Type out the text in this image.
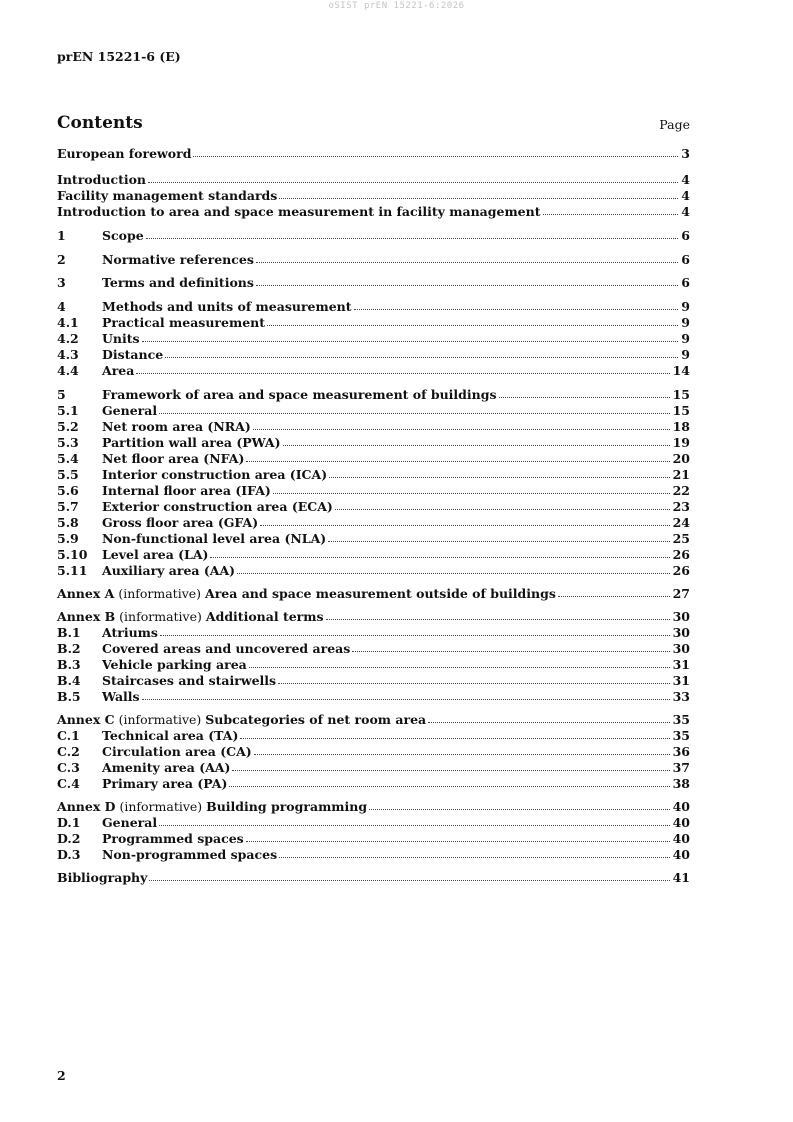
oSIST prEN 15221-6:2026
prEN 15221-6 (E)
Contents	Page
European foreword	3
Introduction	4
Facility management standards	4
Introduction to area and space measurement in facility management	4
1	Scope	6
2	Normative references	6
3	Terms and definitions	6
4	Methods and units of measurement	9
4.1	Practical measurement	9
4.2	Units	9
4.3	Distance	9
4.4	Area	14
5	Framework of area and space measurement of buildings	15
5.1	General	15
5.2	Net room area (NRA)	18
5.3	Partition wall area (PWA)	19
5.4	Net floor area (NFA)	20
5.5	Interior construction area (ICA)	21
5.6	Internal floor area (IFA)	22
5.7	Exterior construction area (ECA)	23
5.8	Gross floor area (GFA)	24
5.9	Non-functional level area (NLA)	25
5.10	Level area (LA)	26
5.11	Auxiliary area (AA)	26
Annex A (informative) Area and space measurement outside of buildings	27
Annex B (informative) Additional terms	30
B.1	Atriums	30
B.2	Covered areas and uncovered areas	30
B.3	Vehicle parking area	31
B.4	Staircases and stairwells	31
B.5	Walls	33
Annex C (informative) Subcategories of net room area	35
C.1	Technical area (TA)	35
C.2	Circulation area (CA)	36
C.3	Amenity area (AA)	37
C.4	Primary area (PA)	38
Annex D (informative) Building programming	40
D.1	General	40
D.2	Programmed spaces	40
D.3	Non-programmed spaces	40
Bibliography	41
2
